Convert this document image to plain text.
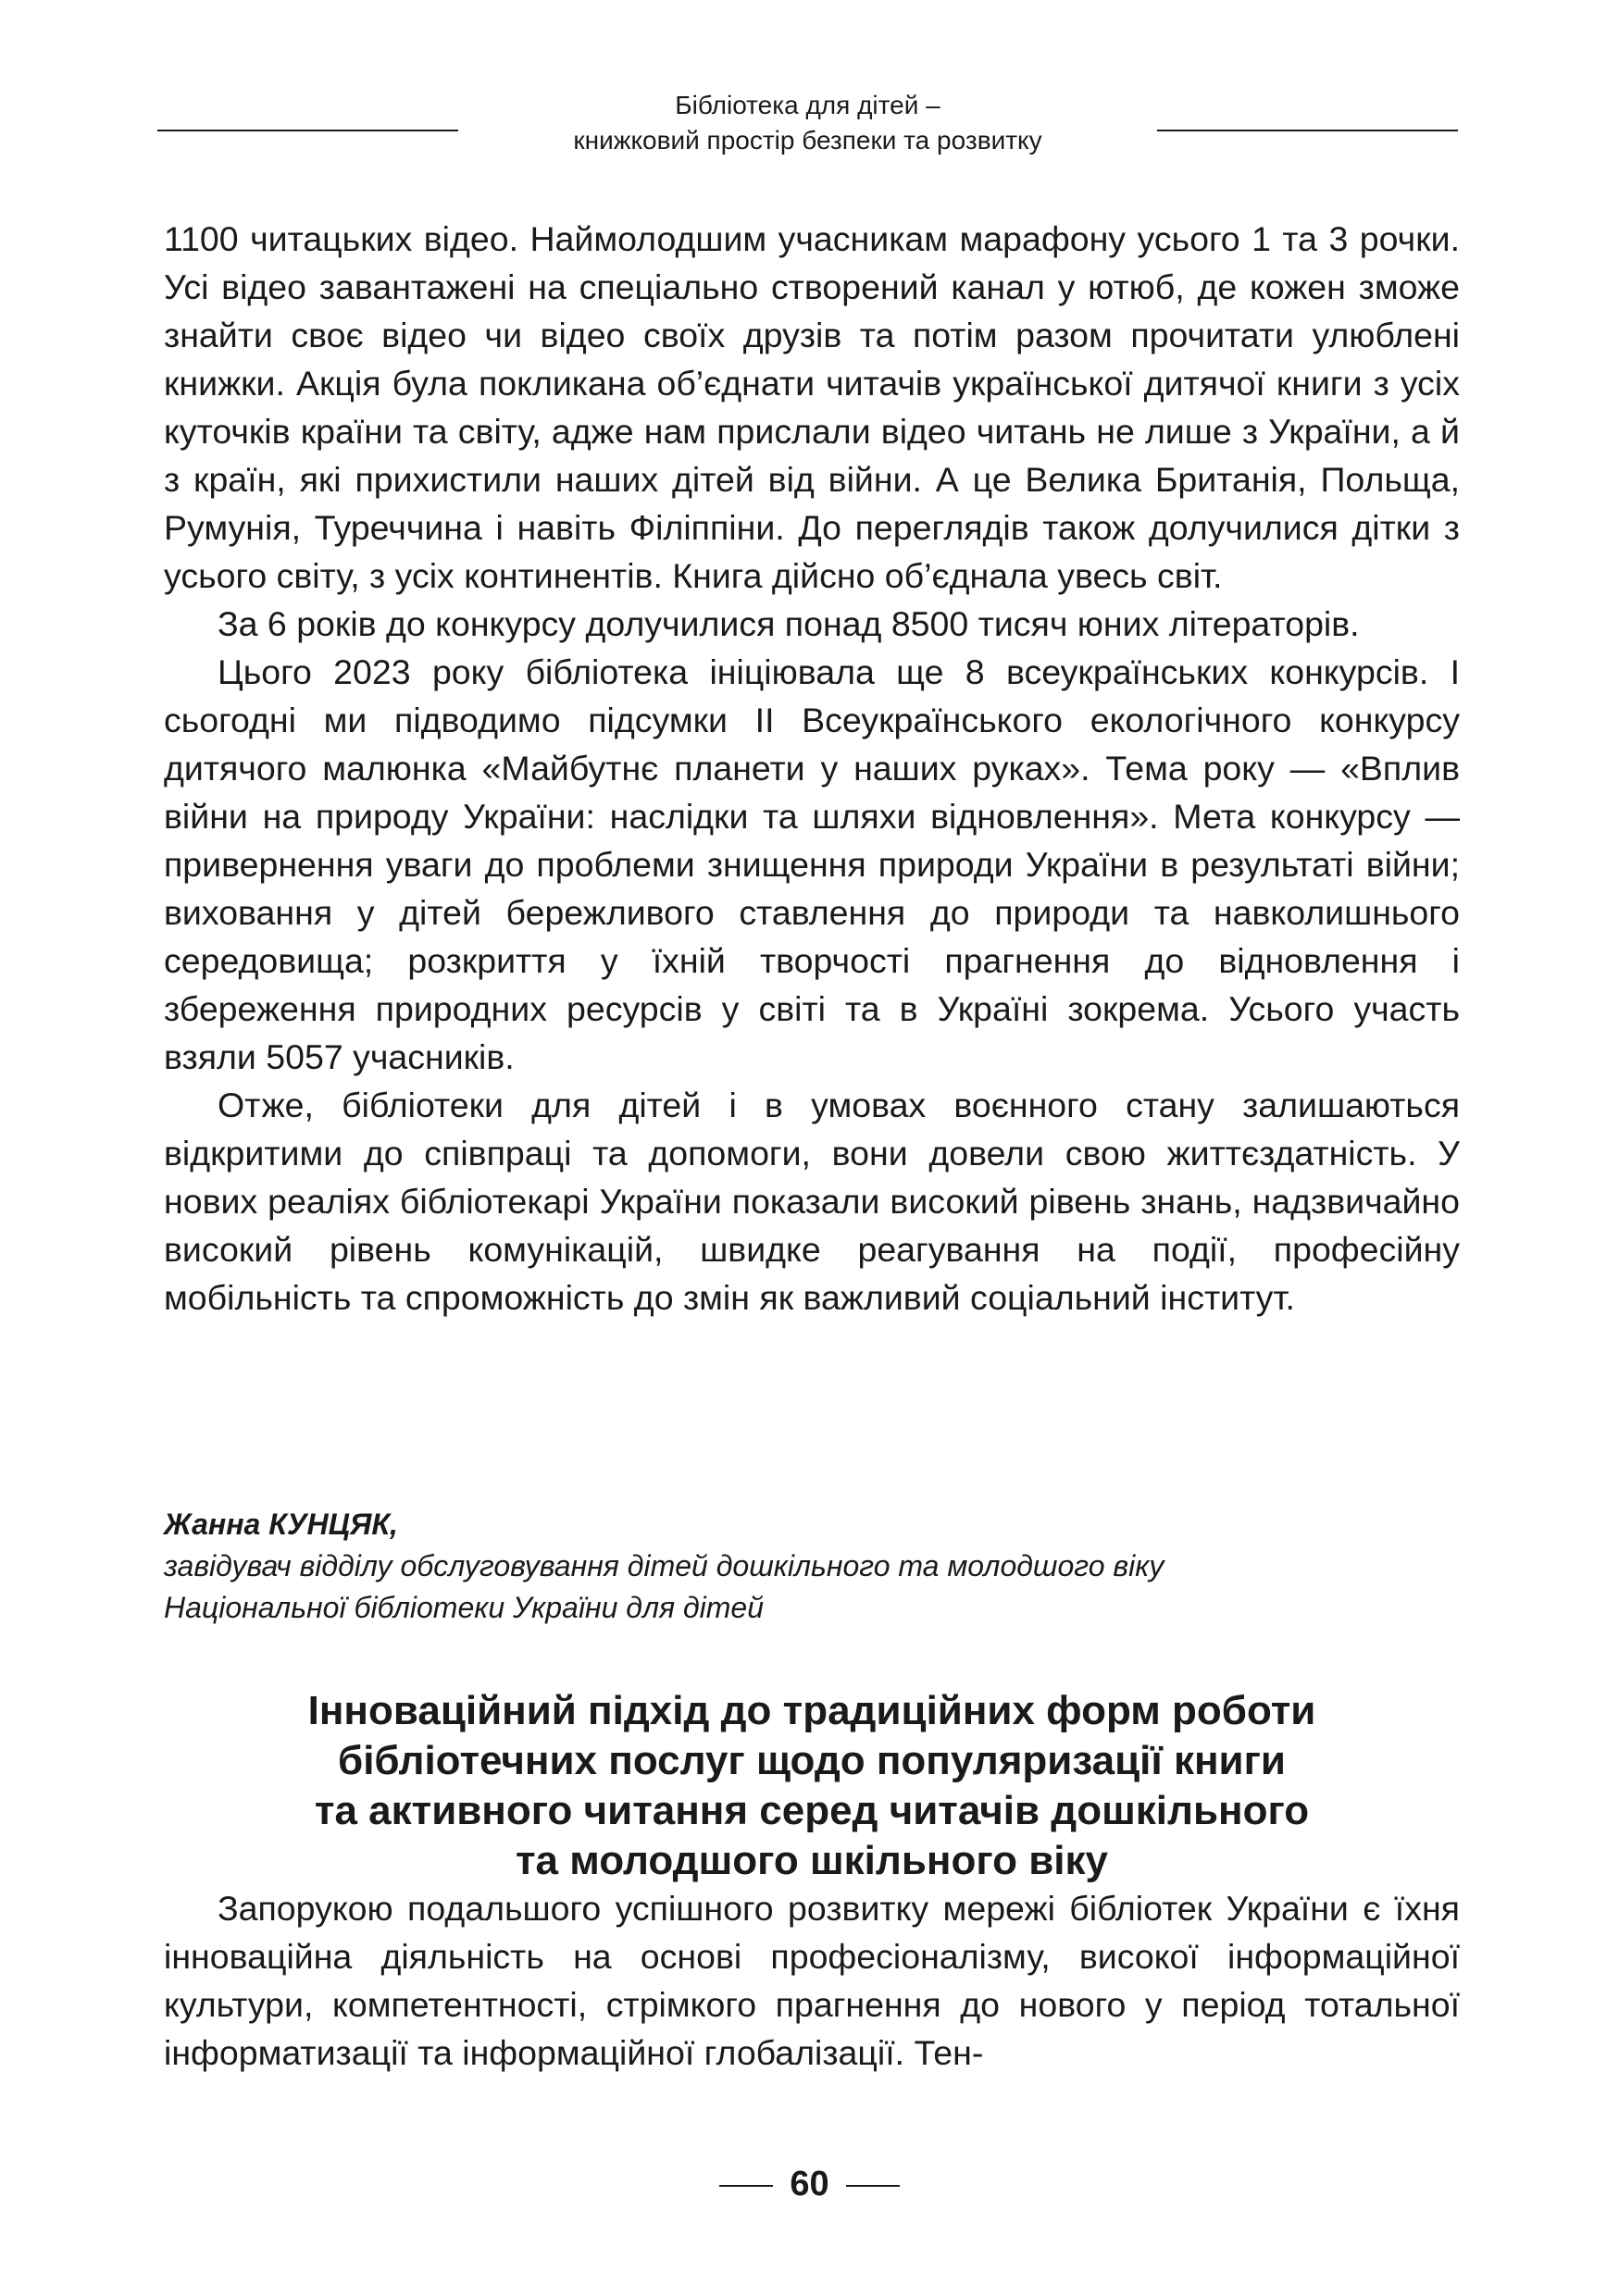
Бібліотека для дітей –
книжковий простір безпеки та розвитку

1100 читацьких відео. Наймолодшим учасникам марафону усього 1 та 3 рочки. Усі відео завантажені на спеціально створений канал у ютюб, де кожен зможе знайти своє відео чи відео своїх друзів та потім разом прочитати улюблені книжки. Акція була покликана об’єднати читачів української дитячої книги з усіх куточків країни та світу, адже нам прислали відео читань не лише з України, а й з країн, які прихистили наших дітей від війни. А це Велика Британія, Польща, Румунія, Туреччина і навіть Філіппіни. До переглядів також долучилися дітки з усього світу, з усіх континентів. Книга дійсно об’єднала увесь світ.

За 6 років до конкурсу долучилися понад 8500 тисяч юних літераторів.

Цього 2023 року бібліотека ініціювала ще 8 всеукраїнських конкурсів. І сьогодні ми підводимо підсумки ІІ Всеукраїнського екологічного конкурсу дитячого малюнка «Майбутнє планети у наших руках». Тема року — «Вплив війни на природу України: наслідки та шляхи відновлення». Мета конкурсу — привернення уваги до проблеми знищення природи України в результаті війни; виховання у дітей бережливого ставлення до природи та навколишнього середовища; розкриття у їхній творчості прагнення до відновлення і збереження природних ресурсів у світі та в Україні зокрема. Усього участь взяли 5057 учасників.

Отже, бібліотеки для дітей і в умовах воєнного стану залишаються відкритими до співпраці та допомоги, вони довели свою життєздатність. У нових реаліях бібліотекарі України показали високий рівень знань, надзвичайно високий рівень комунікацій, швидке реагування на події, професійну мобільність та спроможність до змін як важливий соціальний інститут.

Жанна КУНЦЯК,
завідувач відділу обслуговування дітей дошкільного та молодшого віку
Національної бібліотеки України для дітей
Інноваційний підхід до традиційних форм роботи
бібліотечних послуг щодо популяризації книги
та активного читання серед читачів дошкільного
та молодшого шкільного віку

Запорукою подальшого успішного розвитку мережі бібліотек України є їхня інноваційна діяльність на основі професіоналізму, високої інформаційної культури, компетентності, стрімкого прагнення до нового у період тотальної інформатизації та інформаційної глобалізації. Тен-

60
